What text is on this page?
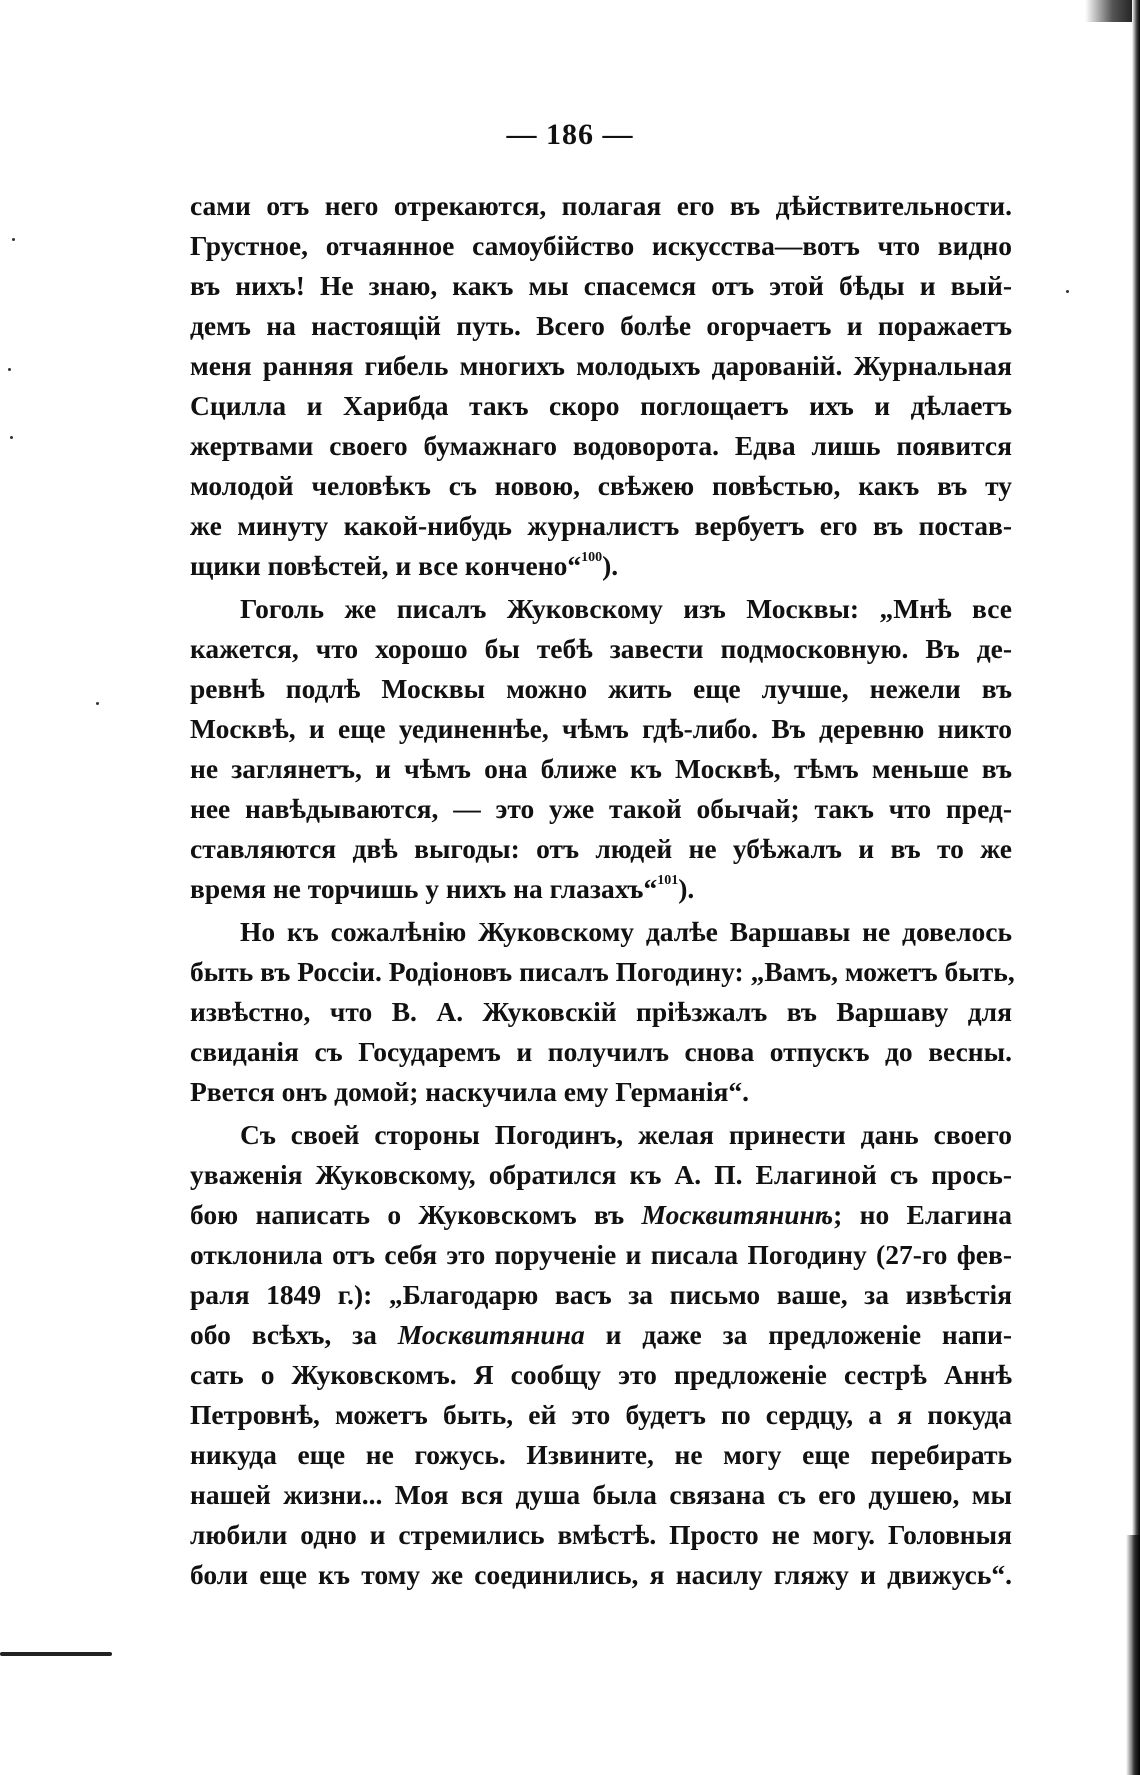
— 186 —
сами отъ него отрекаются, полагая его въ дѣйствительности.
Грустное, отчаянное самоубійство искусства—вотъ что видно
въ нихъ! Не знаю, какъ мы спасемся отъ этой бѣды и вый-
демъ на настоящій путь. Всего болѣе огорчаетъ и поражаетъ
меня ранняя гибель многихъ молодыхъ дарованій. Журнальная
Сцилла и Харибда такъ скоро поглощаетъ ихъ и дѣлаетъ
жертвами своего бумажнаго водоворота. Едва лишь появится
молодой человѣкъ съ новою, свѣжею повѣстью, какъ въ ту
же минуту какой-нибудь журналистъ вербуетъ его въ постав-
щики повѣстей, и все кончено“$^{100}$).
Гоголь же писалъ Жуковскому изъ Москвы: „Мнѣ все
кажется, что хорошо бы тебѣ завести подмосковную. Въ де-
ревнѣ подлѣ Москвы можно жить еще лучше, нежели въ
Москвѣ, и еще уединеннѣе, чѣмъ гдѣ-либо. Въ деревню никто
не заглянетъ, и чѣмъ она ближе къ Москвѣ, тѣмъ меньше въ
нее навѣдываются, — это уже такой обычай; такъ что пред-
ставляются двѣ выгоды: отъ людей не убѣжалъ и въ то же
время не торчишь у нихъ на глазахъ“$^{101}$).
Но къ сожалѣнію Жуковскому далѣе Варшавы не довелось
быть въ Россіи. Родіоновъ писалъ Погодину: „Вамъ, можетъ быть,
извѣстно, что В. А. Жуковскій пріѣзжалъ въ Варшаву для
свиданія съ Государемъ и получилъ снова отпускъ до весны.
Рвется онъ домой; наскучила ему Германія“.
Съ своей стороны Погодинъ, желая принести дань своего
уваженія Жуковскому, обратился къ А. П. Елагиной съ прось-
бою написать о Жуковскомъ въ Москвитянинѣ; но Елагина
отклонила отъ себя это порученіе и писала Погодину (27-го фев-
раля 1849 г.): „Благодарю васъ за письмо ваше, за извѣстія
обо всѣхъ, за Москвитянина и даже за предложеніе напи-
сать о Жуковскомъ. Я сообщу это предложеніе сестрѣ Аннѣ
Петровнѣ, можетъ быть, ей это будетъ по сердцу, а я покуда
никуда еще не гожусь. Извините, не могу еще перебирать
нашей жизни... Моя вся душа была связана съ его душею, мы
любили одно и стремились вмѣстѣ. Просто не могу. Головныя
боли еще къ тому же соединились, я насилу гляжу и движусь“.
